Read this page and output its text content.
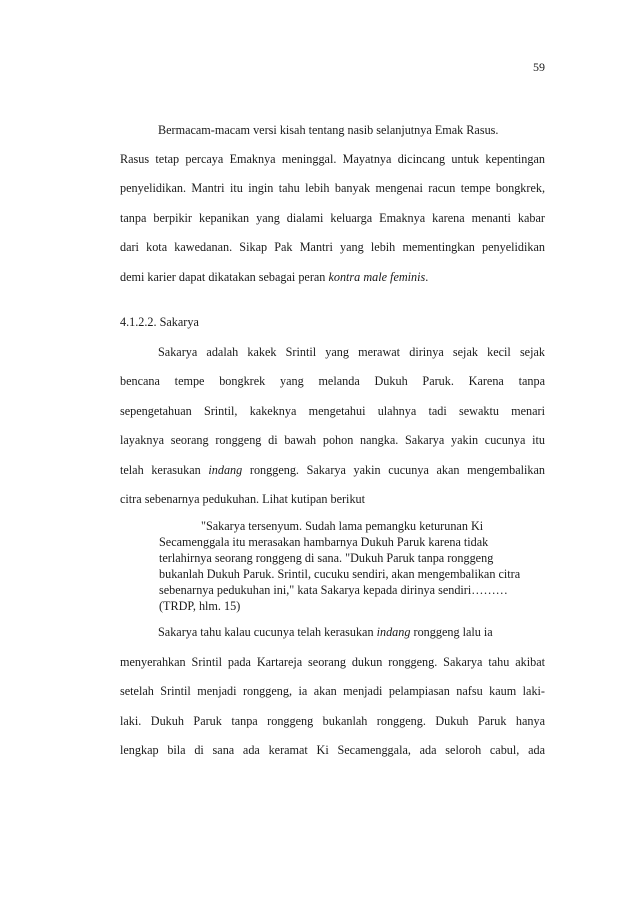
59
Bermacam-macam versi kisah tentang nasib selanjutnya Emak Rasus.
Rasus tetap percaya Emaknya meninggal. Mayatnya dicincang untuk kepentingan
penyelidikan. Mantri itu ingin tahu lebih banyak mengenai racun tempe bongkrek,
tanpa berpikir kepanikan yang dialami keluarga Emaknya karena menanti kabar
dari kota kawedanan. Sikap Pak Mantri yang lebih mementingkan penyelidikan
demi karier dapat dikatakan sebagai peran kontra male feminis.
4.1.2.2. Sakarya
Sakarya adalah kakek Srintil yang merawat dirinya sejak kecil sejak
bencana tempe bongkrek yang melanda Dukuh Paruk. Karena tanpa
sepengetahuan Srintil, kakeknya mengetahui ulahnya tadi sewaktu menari
layaknya seorang ronggeng di bawah pohon nangka. Sakarya yakin cucunya itu
telah kerasukan indang ronggeng. Sakarya yakin cucunya akan mengembalikan
citra sebenarnya pedukuhan. Lihat kutipan berikut
"Sakarya tersenyum. Sudah lama pemangku keturunan Ki
Secamenggala itu merasakan hambarnya Dukuh Paruk karena tidak
terlahirnya seorang ronggeng di sana. "Dukuh Paruk tanpa ronggeng
bukanlah Dukuh Paruk. Srintil, cucuku sendiri, akan mengembalikan citra
sebenarnya pedukuhan ini," kata Sakarya kepada dirinya sendiri………
(TRDP, hlm. 15)
Sakarya tahu kalau cucunya telah kerasukan indang ronggeng lalu ia
menyerahkan Srintil pada Kartareja seorang dukun ronggeng. Sakarya tahu akibat
setelah Srintil menjadi ronggeng, ia akan menjadi pelampiasan nafsu kaum laki-
laki. Dukuh Paruk tanpa ronggeng bukanlah ronggeng. Dukuh Paruk hanya
lengkap bila di sana ada keramat Ki Secamenggala, ada seloroh cabul, ada
